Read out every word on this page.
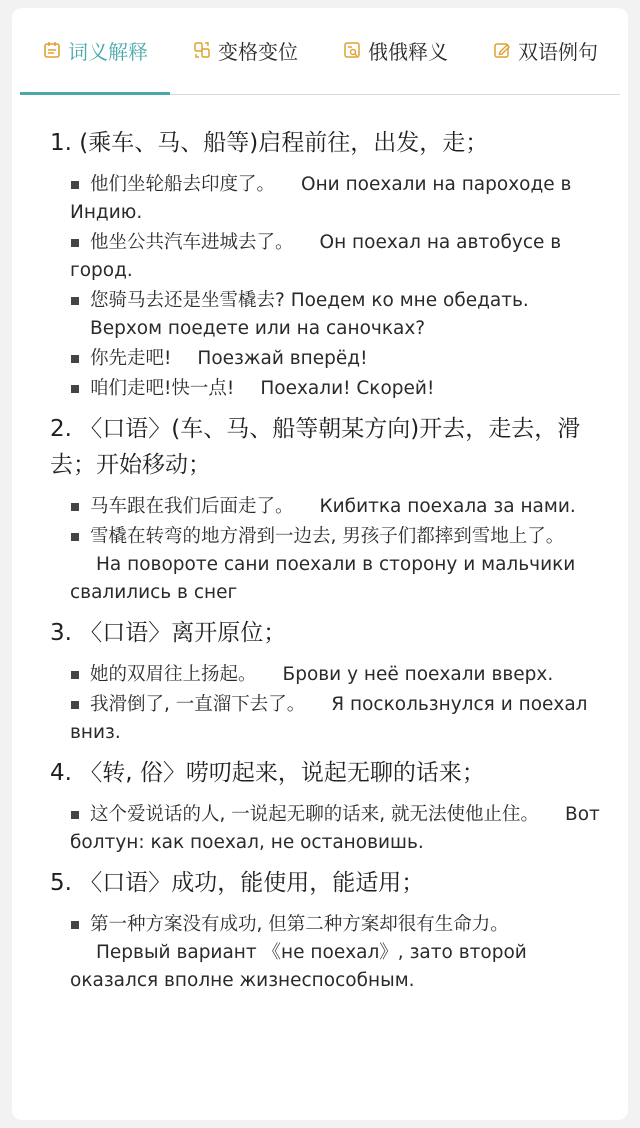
词义解释	变格变位	俄俄释义	双语例句
1. (乘车、马、船等)启程前往，出发，走；
他们坐轮船去印度了。 Они поехали на пароходе в Индию.
他坐公共汽车进城去了。 Он поехал на автобусе в город.
您骑马去还是坐雪橇去? Поедем ко мне обедать.
Верхом поедете или на саночках?
你先走吧! Поезжай вперёд!
咱们走吧!快一点! Поехали! Скорей!
2. 〈口语〉(车、马、船等朝某方向)开去，走去，滑去；开始移动；
马车跟在我们后面走了。 Кибитка поехала за нами.
雪橇在转弯的地方滑到一边去, 男孩子们都摔到雪地上了。На повороте сани поехали в сторону и мальчики свалились в снег
3. 〈口语〉离开原位；
她的双眉往上扬起。 Брови у неё поехали вверх.
我滑倒了, 一直溜下去了。 Я поскользнулся и поехал вниз.
4. 〈转, 俗〉唠叨起来，说起无聊的话来；
这个爱说话的人, 一说起无聊的话来, 就无法使他止住。 Вот болтун: как поехал, не остановишь.
5. 〈口语〉成功，能使用，能适用；
第一种方案没有成功, 但第二种方案却很有生命力。Первый вариант 《не поехал》, зато второй оказался вполне жизнеспособным.
